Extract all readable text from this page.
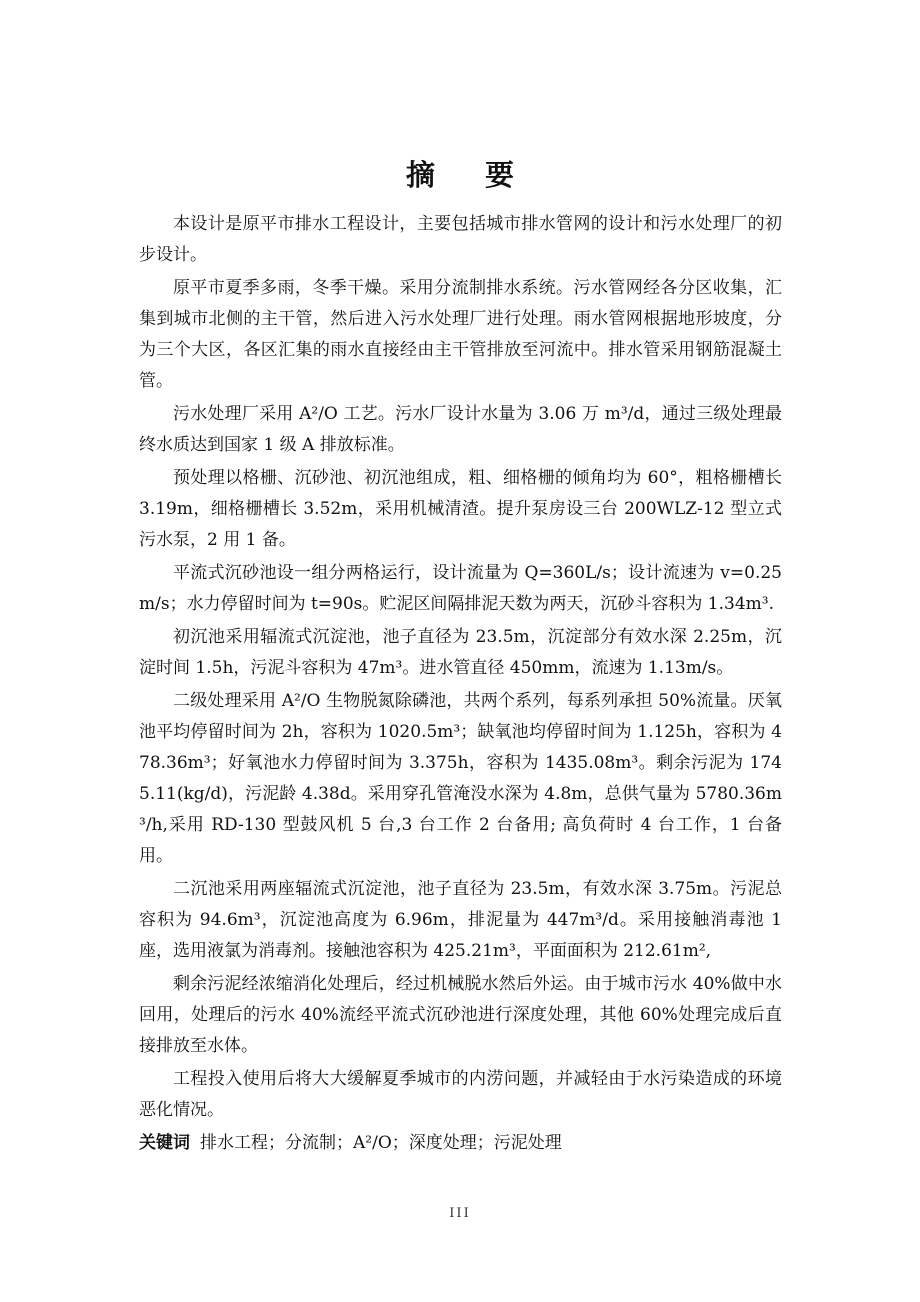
摘 要

本设计是原平市排水工程设计，主要包括城市排水管网的设计和污水处理厂的初步设计。

原平市夏季多雨，冬季干燥。采用分流制排水系统。污水管网经各分区收集，汇集到城市北侧的主干管，然后进入污水处理厂进行处理。雨水管网根据地形坡度，分为三个大区，各区汇集的雨水直接经由主干管排放至河流中。排水管采用钢筋混凝土管。

污水处理厂采用 A²/O 工艺。污水厂设计水量为 3.06 万 m³/d，通过三级处理最终水质达到国家 1 级 A 排放标准。

预处理以格栅、沉砂池、初沉池组成，粗、细格栅的倾角均为 60°，粗格栅槽长 3.19m，细格栅槽长 3.52m，采用机械清渣。提升泵房设三台 200WLZ-12 型立式污水泵，2 用 1 备。

平流式沉砂池设一组分两格运行，设计流量为 Q=360L/s；设计流速为 v=0.25m/s；水力停留时间为 t=90s。贮泥区间隔排泥天数为两天，沉砂斗容积为 1.34m³.

初沉池采用辐流式沉淀池，池子直径为 23.5m，沉淀部分有效水深 2.25m，沉淀时间 1.5h，污泥斗容积为 47m³。进水管直径 450mm，流速为 1.13m/s。

二级处理采用 A²/O 生物脱氮除磷池，共两个系列，每系列承担 50%流量。厌氧池平均停留时间为 2h，容积为 1020.5m³；缺氧池均停留时间为 1.125h，容积为 478.36m³；好氧池水力停留时间为 3.375h，容积为 1435.08m³。剩余污泥为 1745.11(kg/d)，污泥龄 4.38d。采用穿孔管淹没水深为 4.8m，总供气量为 5780.36m³/h,采用 RD-130 型鼓风机 5 台,3 台工作 2 台备用; 高负荷时 4 台工作，1 台备用。

二沉池采用两座辐流式沉淀池，池子直径为 23.5m，有效水深 3.75m。污泥总容积为 94.6m³，沉淀池高度为 6.96m，排泥量为 447m³/d。采用接触消毒池 1 座，选用液氯为消毒剂。接触池容积为 425.21m³，平面面积为 212.61m²,

剩余污泥经浓缩消化处理后，经过机械脱水然后外运。由于城市污水 40%做中水回用，处理后的污水 40%流经平流式沉砂池进行深度处理，其他 60%处理完成后直接排放至水体。

工程投入使用后将大大缓解夏季城市的内涝问题，并减轻由于水污染造成的环境恶化情况。

关键词 排水工程；分流制；A²/O；深度处理；污泥处理

III
